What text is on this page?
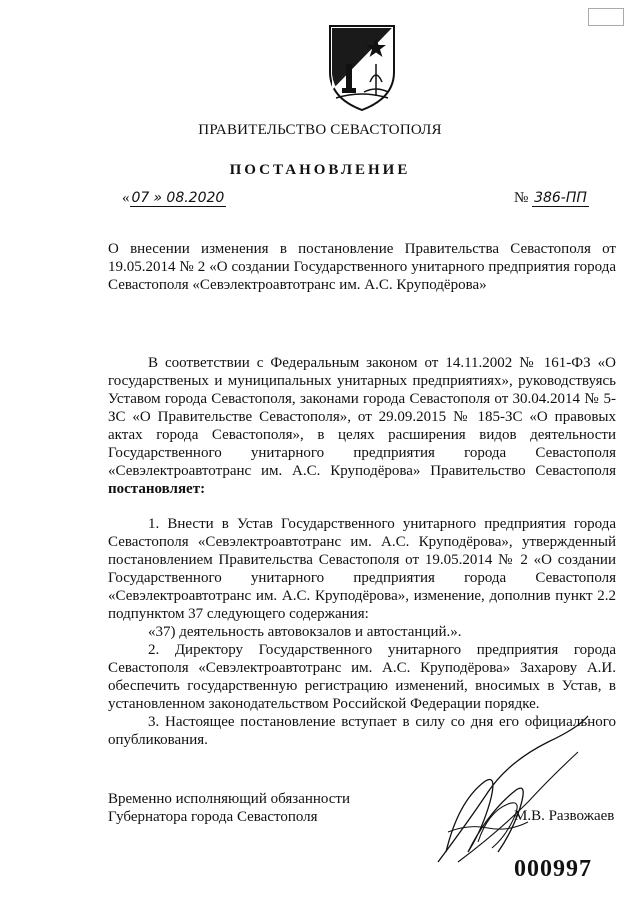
ПРАВИТЕЛЬСТВО СЕВАСТОПОЛЯ
ПОСТАНОВЛЕНИЕ
« 07 » 08.2020	№ 386-ПП
О внесении изменения в постановление Правительства Севастополя от 19.05.2014 № 2 «О создании Государственного унитарного предприятия города Севастополя «Севэлектроавтотранс им. А.С. Круподёрова»

В соответствии с Федеральным законом от 14.11.2002 № 161-ФЗ «О государственых и муниципальных унитарных предприятиях», руководствуясь Уставом города Севастополя, законами города Севастополя от 30.04.2014 № 5-ЗС «О Правительстве Севастополя», от 29.09.2015 № 185-ЗС «О правовых актах города Севастополя», в целях расширения видов деятельности Государственного унитарного предприятия города Севастополя «Севэлектроавтотранс им. А.С. Круподёрова» Правительство Севастополя постановляет:

1. Внести в Устав Государственного унитарного предприятия города Севастополя «Севэлектроавтотранс им. А.С. Круподёрова», утвержденный постановлением Правительства Севастополя от 19.05.2014 № 2 «О создании Государственного унитарного предприятия города Севастополя «Севэлектроавтотранс им. А.С. Круподёрова», изменение, дополнив пункт 2.2 подпунктом 37 следующего содержания:

«37) деятельность автовокзалов и автостанций.».

2. Директору Государственного унитарного предприятия города Севастополя «Севэлектроавтотранс им. А.С. Круподёрова» Захарову А.И. обеспечить государственную регистрацию изменений, вносимых в Устав, в установленном законодательством Российской Федерации порядке.

3. Настоящее постановление вступает в силу со дня его официального опубликования.

Временно исполняющий обязанности
Губернатора города Севастополя	М.В. Развожаев
000997
